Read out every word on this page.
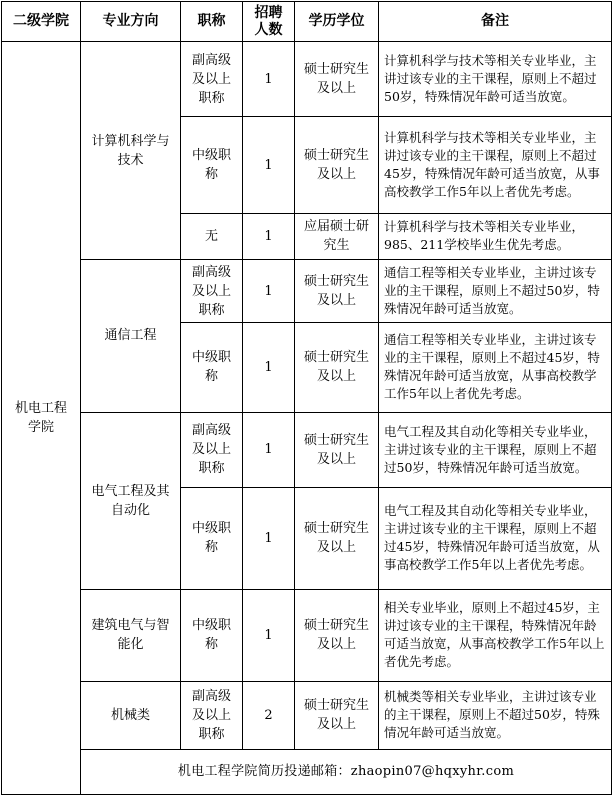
二级学院	专业方向	职称	招聘人数	学历学位	备注
机电工程学院	计算机科学与技术	副高级及以上职称	1	硕士研究生及以上	计算机科学与技术等相关专业毕业，主讲过该专业的主干课程，原则上不超过50岁，特殊情况年龄可适当放宽。
		中级职称	1	硕士研究生及以上	计算机科学与技术等相关专业毕业，主讲过该专业的主干课程，原则上不超过45岁，特殊情况年龄可适当放宽，从事高校教学工作5年以上者优先考虑。
		无	1	应届硕士研究生	计算机科学与技术等相关专业毕业，985、211学校毕业生优先考虑。
	通信工程	副高级及以上职称	1	硕士研究生及以上	通信工程等相关专业毕业，主讲过该专业的主干课程，原则上不超过50岁，特殊情况年龄可适当放宽。
		中级职称	1	硕士研究生及以上	通信工程等相关专业毕业，主讲过该专业的主干课程，原则上不超过45岁，特殊情况年龄可适当放宽，从事高校教学工作5年以上者优先考虑。
	电气工程及其自动化	副高级及以上职称	1	硕士研究生及以上	电气工程及其自动化等相关专业毕业，主讲过该专业的主干课程，原则上不超过50岁，特殊情况年龄可适当放宽。
		中级职称	1	硕士研究生及以上	电气工程及其自动化等相关专业毕业，主讲过该专业的主干课程，原则上不超过45岁，特殊情况年龄可适当放宽，从事高校教学工作5年以上者优先考虑。
	建筑电气与智能化	中级职称	1	硕士研究生及以上	相关专业毕业，原则上不超过45岁，主讲过该专业的主干课程，特殊情况年龄可适当放宽，从事高校教学工作5年以上者优先考虑。
	机械类	副高级及以上职称	2	硕士研究生及以上	机械类等相关专业毕业，主讲过该专业的主干课程，原则上不超过50岁，特殊情况年龄可适当放宽。
	机电工程学院简历投递邮箱：zhaopin07@hqxyhr.com				
